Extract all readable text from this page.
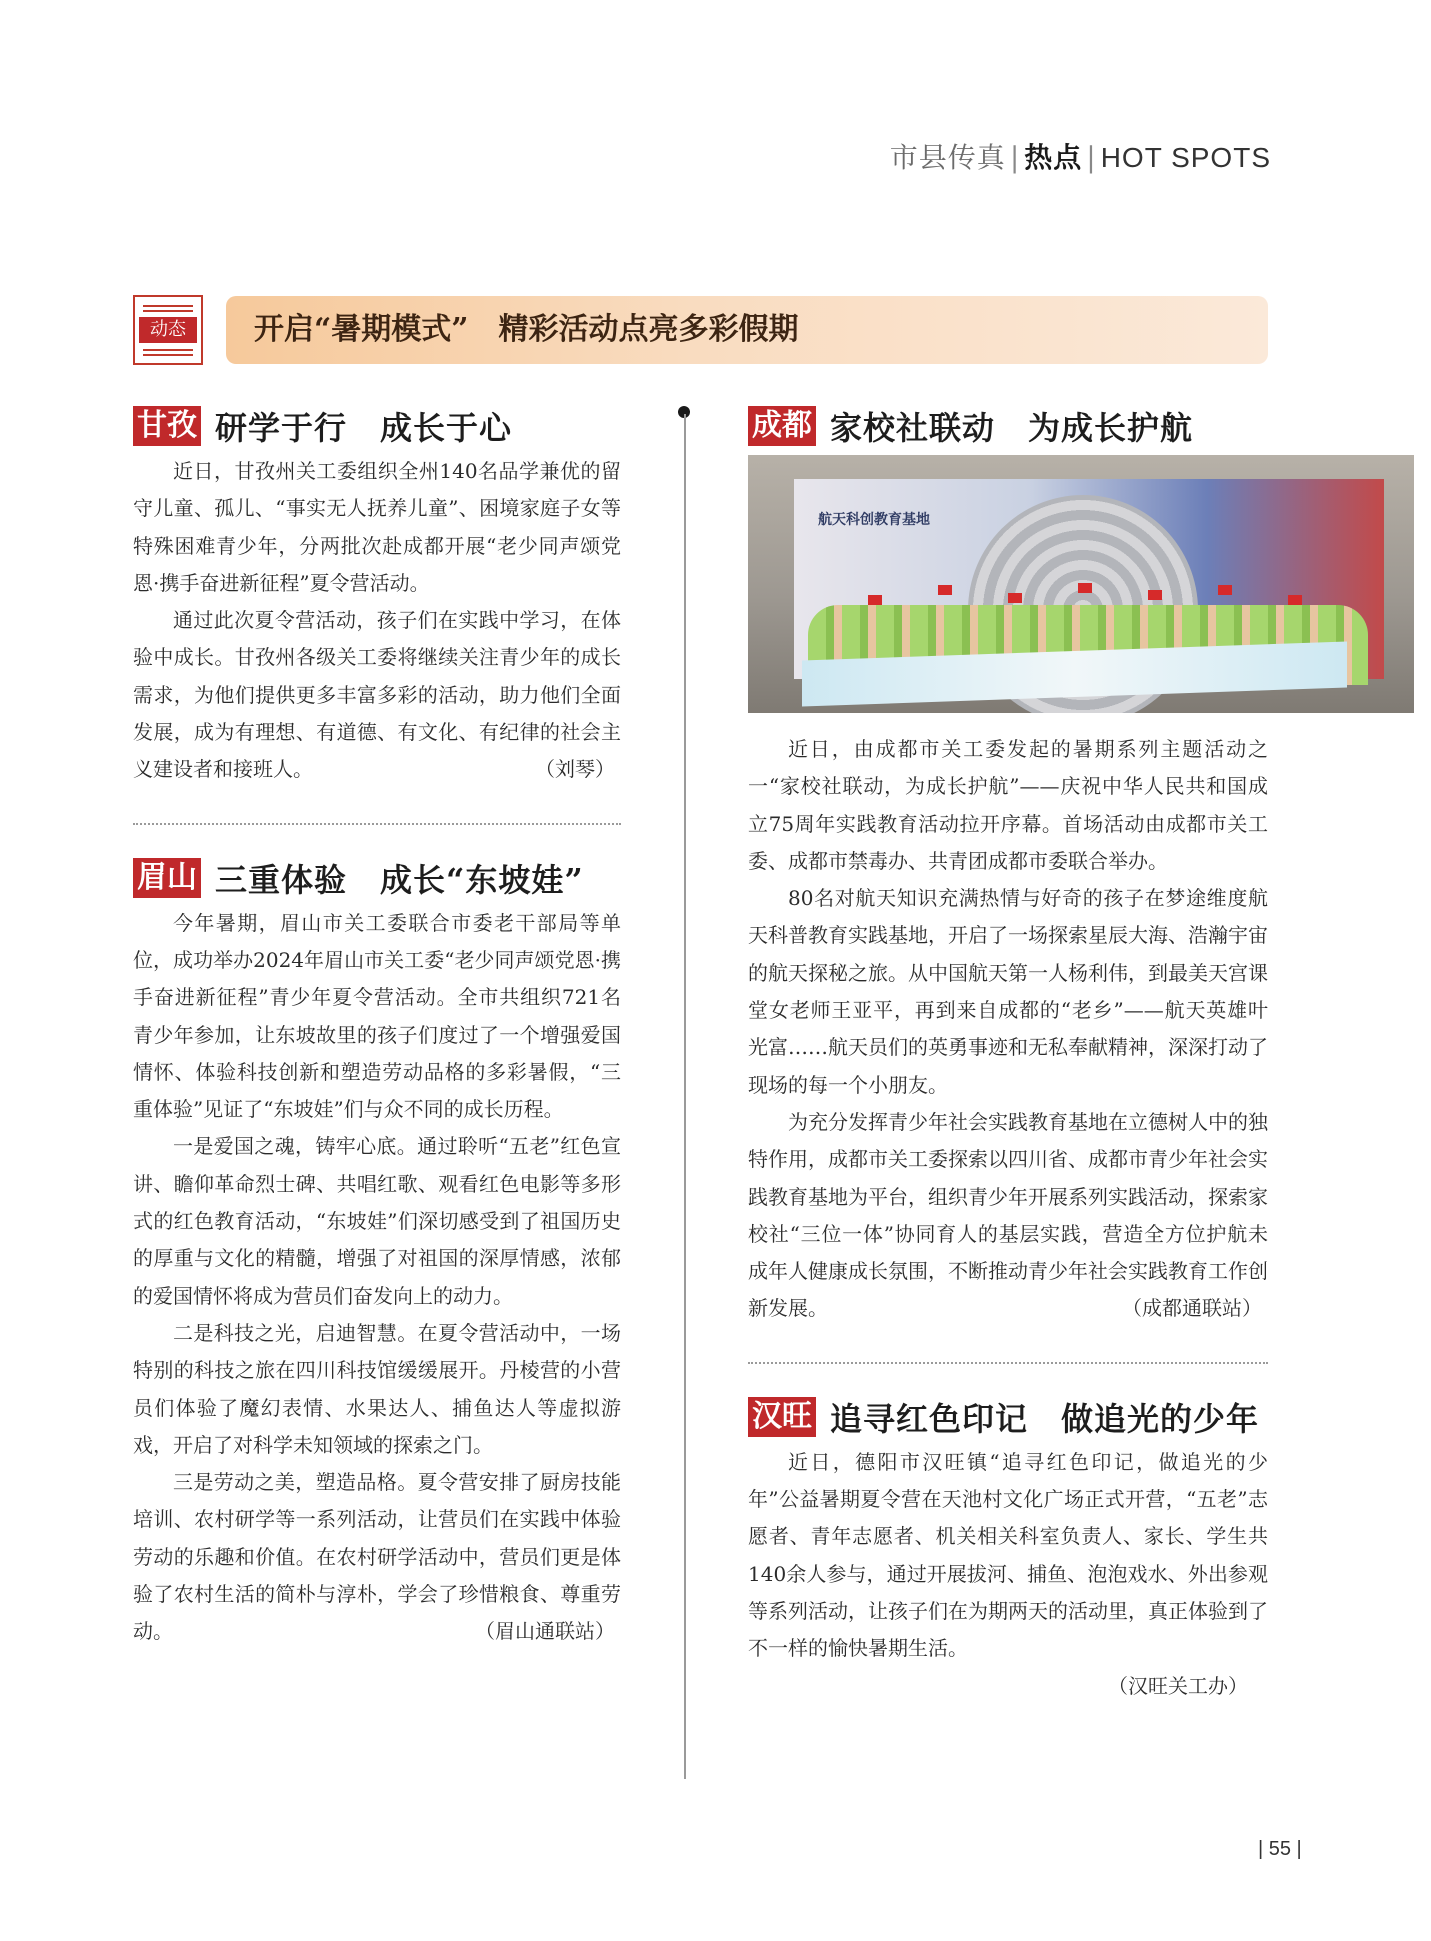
市县传真 | 热点 | HOT SPOTS
动态	开启“暑期模式”　精彩活动点亮多彩假期
甘孜 研学于行　成长于心

近日，甘孜州关工委组织全州140名品学兼优的留守儿童、孤儿、“事实无人抚养儿童”、困境家庭子女等特殊困难青少年，分两批次赴成都开展“老少同声颂党恩·携手奋进新征程”夏令营活动。

通过此次夏令营活动，孩子们在实践中学习，在体验中成长。甘孜州各级关工委将继续关注青少年的成长需求，为他们提供更多丰富多彩的活动，助力他们全面发展，成为有理想、有道德、有文化、有纪律的社会主义建设者和接班人。	（刘琴）

眉山 三重体验　成长“东坡娃”

今年暑期，眉山市关工委联合市委老干部局等单位，成功举办2024年眉山市关工委“老少同声颂党恩·携手奋进新征程”青少年夏令营活动。全市共组织721名青少年参加，让东坡故里的孩子们度过了一个增强爱国情怀、体验科技创新和塑造劳动品格的多彩暑假，“三重体验”见证了“东坡娃”们与众不同的成长历程。

一是爱国之魂，铸牢心底。通过聆听“五老”红色宣讲、瞻仰革命烈士碑、共唱红歌、观看红色电影等多形式的红色教育活动，“东坡娃”们深切感受到了祖国历史的厚重与文化的精髓，增强了对祖国的深厚情感，浓郁的爱国情怀将成为营员们奋发向上的动力。

二是科技之光，启迪智慧。在夏令营活动中，一场特别的科技之旅在四川科技馆缓缓展开。丹棱营的小营员们体验了魔幻表情、水果达人、捕鱼达人等虚拟游戏，开启了对科学未知领域的探索之门。

三是劳动之美，塑造品格。夏令营安排了厨房技能培训、农村研学等一系列活动，让营员们在实践中体验劳动的乐趣和价值。在农村研学活动中，营员们更是体验了农村生活的简朴与淳朴，学会了珍惜粮食、尊重劳动。	（眉山通联站）

成都 家校社联动　为成长护航
航天科创教育基地

近日，由成都市关工委发起的暑期系列主题活动之一“家校社联动，为成长护航”——庆祝中华人民共和国成立75周年实践教育活动拉开序幕。首场活动由成都市关工委、成都市禁毒办、共青团成都市委联合举办。

80名对航天知识充满热情与好奇的孩子在梦途维度航天科普教育实践基地，开启了一场探索星辰大海、浩瀚宇宙的航天探秘之旅。从中国航天第一人杨利伟，到最美天宫课堂女老师王亚平，再到来自成都的“老乡”——航天英雄叶光富……航天员们的英勇事迹和无私奉献精神，深深打动了现场的每一个小朋友。

为充分发挥青少年社会实践教育基地在立德树人中的独特作用，成都市关工委探索以四川省、成都市青少年社会实践教育基地为平台，组织青少年开展系列实践活动，探索家校社“三位一体”协同育人的基层实践，营造全方位护航未成年人健康成长氛围，不断推动青少年社会实践教育工作创新发展。	（成都通联站）

汉旺 追寻红色印记　做追光的少年

近日，德阳市汉旺镇“追寻红色印记，做追光的少年”公益暑期夏令营在天池村文化广场正式开营，“五老”志愿者、青年志愿者、机关相关科室负责人、家长、学生共140余人参与，通过开展拔河、捕鱼、泡泡戏水、外出参观等系列活动，让孩子们在为期两天的活动里，真正体验到了不一样的愉快暑期生活。

（汉旺关工办）
| 55 |
